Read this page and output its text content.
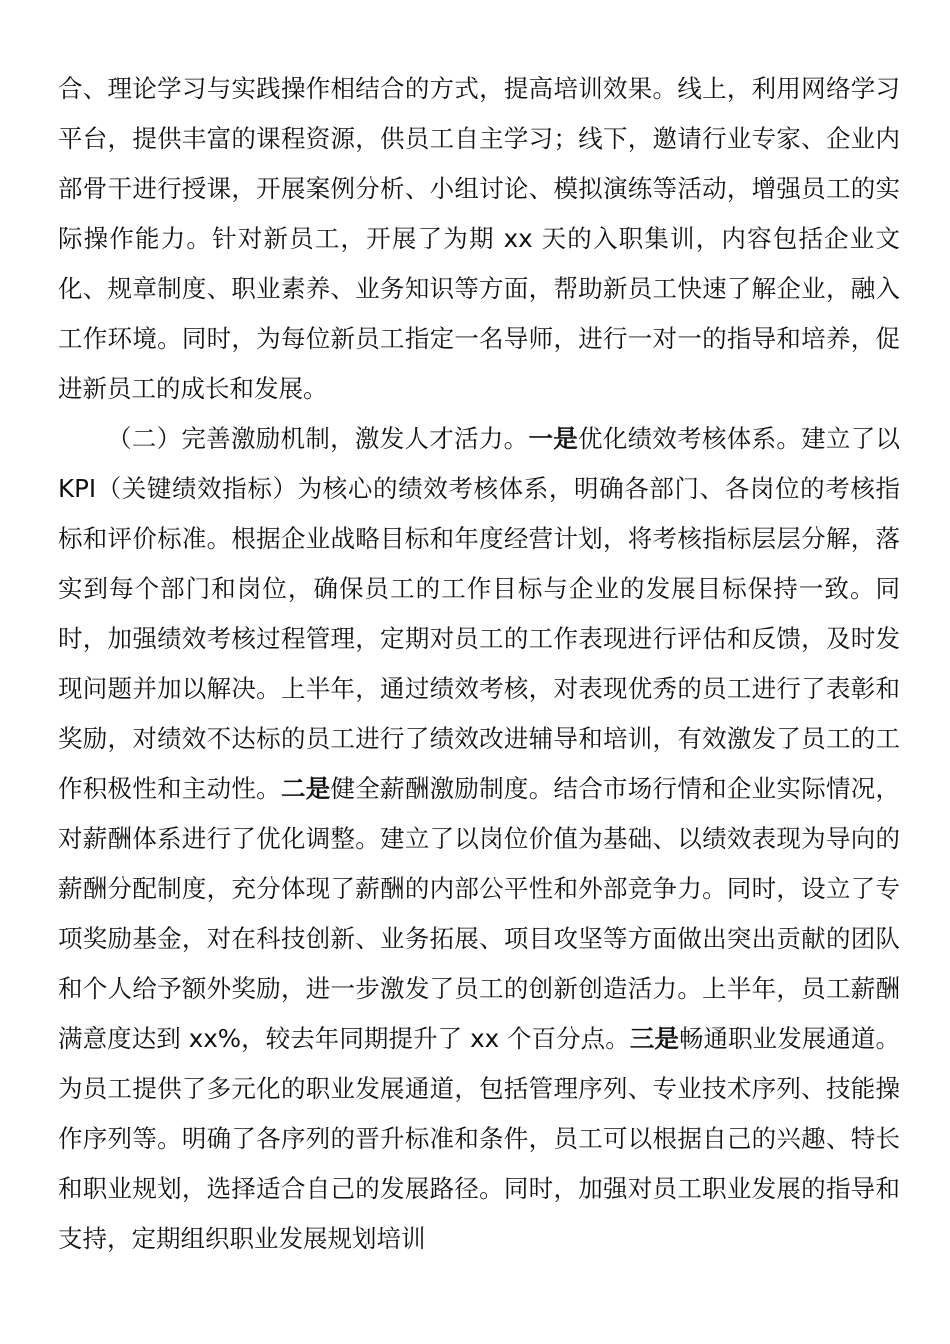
合、理论学习与实践操作相结合的方式，提高培训效果。线上，利用网络学习平台，提供丰富的课程资源，供员工自主学习；线下，邀请行业专家、企业内部骨干进行授课，开展案例分析、小组讨论、模拟演练等活动，增强员工的实际操作能力。针对新员工，开展了为期 xx 天的入职集训，内容包括企业文化、规章制度、职业素养、业务知识等方面，帮助新员工快速了解企业，融入工作环境。同时，为每位新员工指定一名导师，进行一对一的指导和培养，促进新员工的成长和发展。

（二）完善激励机制，激发人才活力。一是优化绩效考核体系。建立了以 KPI（关键绩效指标）为核心的绩效考核体系，明确各部门、各岗位的考核指标和评价标准。根据企业战略目标和年度经营计划，将考核指标层层分解，落实到每个部门和岗位，确保员工的工作目标与企业的发展目标保持一致。同时，加强绩效考核过程管理，定期对员工的工作表现进行评估和反馈，及时发现问题并加以解决。上半年，通过绩效考核，对表现优秀的员工进行了表彰和奖励，对绩效不达标的员工进行了绩效改进辅导和培训，有效激发了员工的工作积极性和主动性。二是健全薪酬激励制度。结合市场行情和企业实际情况，对薪酬体系进行了优化调整。建立了以岗位价值为基础、以绩效表现为导向的薪酬分配制度，充分体现了薪酬的内部公平性和外部竞争力。同时，设立了专项奖励基金，对在科技创新、业务拓展、项目攻坚等方面做出突出贡献的团队和个人给予额外奖励，进一步激发了员工的创新创造活力。上半年，员工薪酬满意度达到 xx%，较去年同期提升了 xx 个百分点。三是畅通职业发展通道。为员工提供了多元化的职业发展通道，包括管理序列、专业技术序列、技能操作序列等。明确了各序列的晋升标准和条件，员工可以根据自己的兴趣、特长和职业规划，选择适合自己的发展路径。同时，加强对员工职业发展的指导和支持，定期组织职业发展规划培训
